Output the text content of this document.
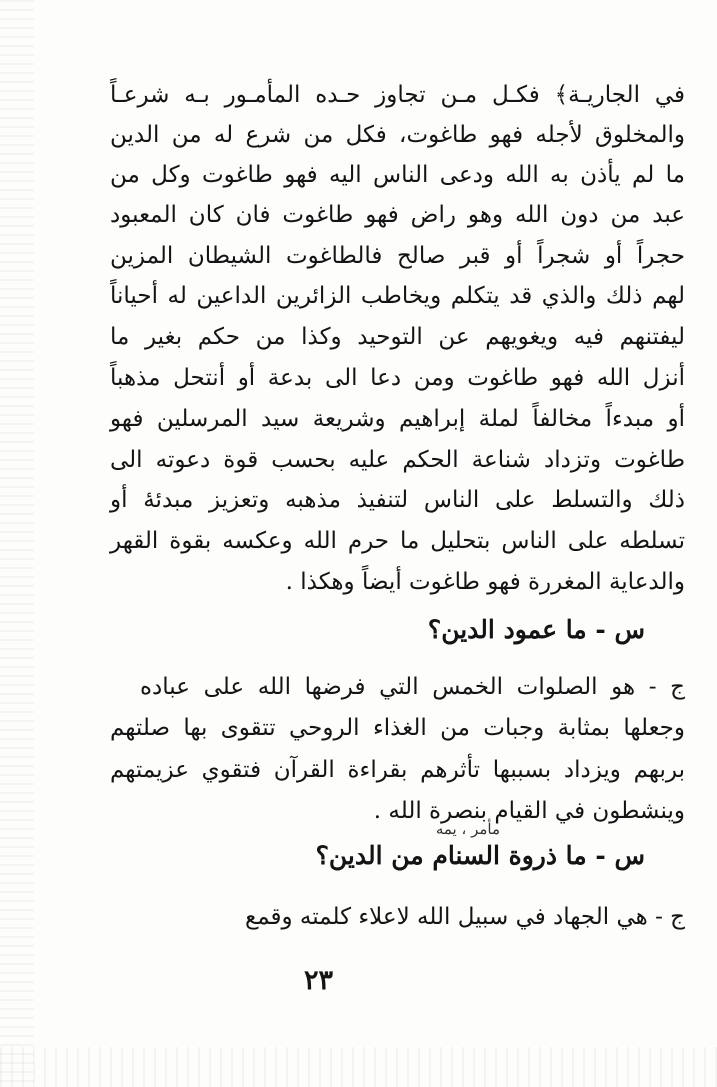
في الجاريـة﴾ فكـل مـن تجاوز حـده المأمـور بـه شرعـاً
والمخلوق لأجله فهو طاغوت، فكل من شرع له من الدين
ما لم يأذن به الله ودعى الناس اليه فهو طاغوت وكل من
عبد من دون الله وهو راض فهو طاغوت فان كان المعبود
حجراً أو شجراً أو قبر صالح فالطاغوت الشيطان المزين
لهم ذلك والذي قد يتكلم ويخاطب الزائرين الداعين له أحياناً
ليفتنهم فيه ويغويهم عن التوحيد وكذا من حكم بغير ما
أنزل الله فهو طاغوت ومن دعا الى بدعة أو أنتحل مذهباً
أو مبدءاً مخالفاً لملة إبراهيم وشريعة سيد المرسلين فهو
طاغوت وتزداد شناعة الحكم عليه بحسب قوة دعوته الى
ذلك والتسلط على الناس لتنفيذ مذهبه وتعزيز مبدئهٔ أو
تسلطه على الناس بتحليل ما حرم الله وعكسه بقوة القهر
والدعاية المغررة فهو طاغوت أيضاً وهكذا .
س - ما عمود الدين؟
ج - هو الصلوات الخمس التي فرضها الله على عباده
وجعلها بمثابة وجبات من الغذاء الروحي تتقوى بها صلتهم
بربهم ويزداد بسببها تأثرهم بقراءة القرآن فتقوي عزيمتهم
وينشطون في القيام بنصرة الله .
مأمر ، يمه
س - ما ذروة السنام من الدين؟
ج - هي الجهاد في سبيل الله لاعلاء كلمته وقمع
٢٣
